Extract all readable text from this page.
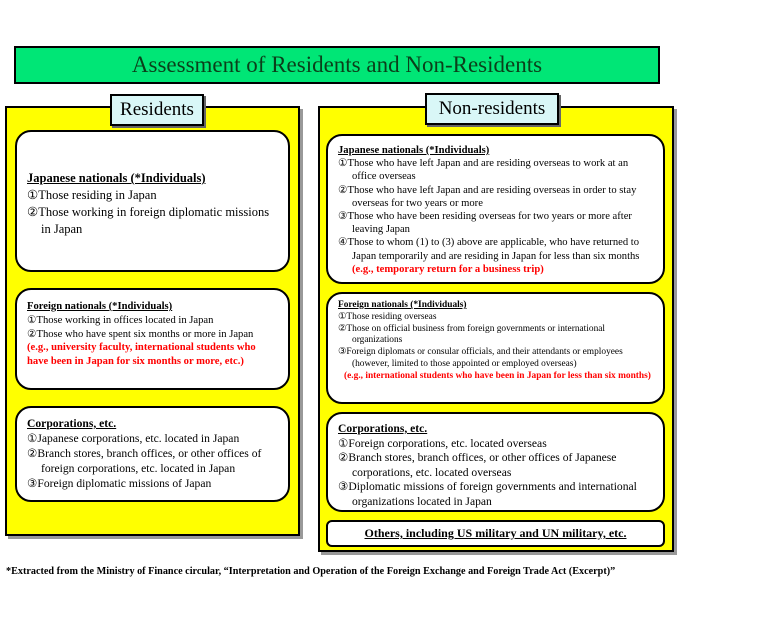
Assessment of Residents and Non-Residents
Residents	Non-residents
Japanese nationals (*Individuals)

①Those residing in Japan

②Those working in foreign diplomatic missions in Japan

Foreign nationals (*Individuals)

①Those working in offices located in Japan

②Those who have spent six months or more in Japan

(e.g., university faculty, international students who have been in Japan for six months or more, etc.)

Corporations, etc.

①Japanese corporations, etc. located in Japan

②Branch stores, branch offices, or other offices of foreign corporations, etc. located in Japan

③Foreign diplomatic missions of Japan

Japanese nationals (*Individuals)

①Those who have left Japan and are residing overseas to work at an office overseas

②Those who have left Japan and are residing overseas in order to stay overseas for two years or more

③Those who have been residing overseas for two years or more after leaving Japan

④Those to whom (1) to (3) above are applicable, who have returned to Japan temporarily and are residing in Japan for less than six months (e.g., temporary return for a business trip)

Foreign nationals (*Individuals)

①Those residing overseas

②Those on official business from foreign governments or international organizations

③Foreign diplomats or consular officials, and their attendants or employees (however, limited to those appointed or employed overseas)

(e.g., international students who have been in Japan for less than six months)

Corporations, etc.

①Foreign corporations, etc. located overseas

②Branch stores, branch offices, or other offices of Japanese corporations, etc. located overseas

③Diplomatic missions of foreign governments and international organizations located in Japan

Others, including US military and UN military, etc.
*Extracted from the Ministry of Finance circular, “Interpretation and Operation of the Foreign Exchange and Foreign Trade Act (Excerpt)”
